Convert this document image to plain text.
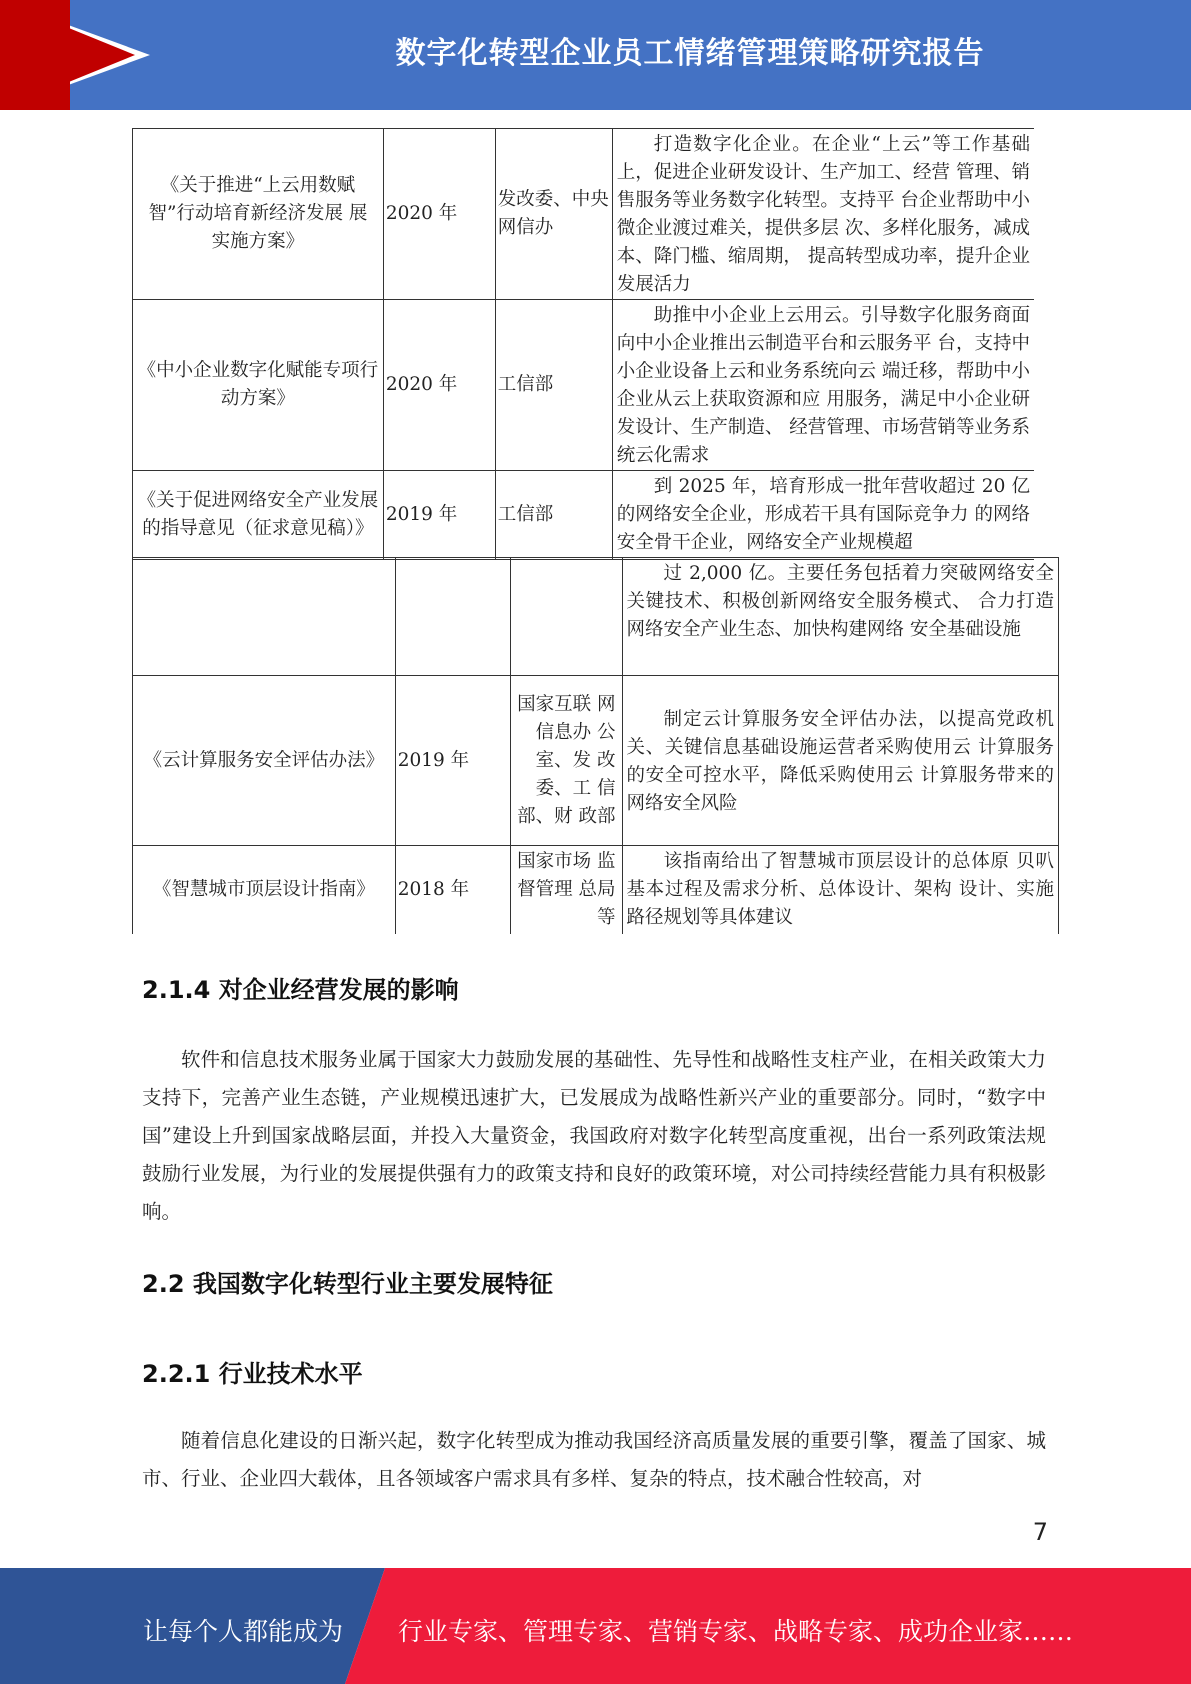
数字化转型企业员工情绪管理策略研究报告
《关于推进“上云用数赋 智”行动培育新经济发展 展 实施方案》	2020 年	发改委、中央网信办	打造数字化企业。在企业“上云”等工作基础上，促进企业研发设计、生产加工、经营 管理、销售服务等业务数字化转型。支持平 台企业帮助中小微企业渡过难关，提供多层 次、多样化服务，减成本、降门槛、缩周期， 提高转型成功率，提升企业发展活力
《中小企业数字化赋能专项行动方案》	2020 年	工信部	助推中小企业上云用云。引导数字化服务商面向中小企业推出云制造平台和云服务平 台，支持中小企业设备上云和业务系统向云 端迁移，帮助中小企业从云上获取资源和应 用服务，满足中小企业研发设计、生产制造、 经营管理、市场营销等业务系统云化需求
《关于促进网络安全产业发展的指导意见（征求意见稿）》	2019 年	工信部	到 2025 年，培育形成一批年营收超过 20 亿的网络安全企业，形成若干具有国际竞争力 的网络安全骨干企业，网络安全产业规模超
			过 2,000 亿。主要任务包括着力突破网络安全关键技术、积极创新网络安全服务模式、 合力打造网络安全产业生态、加快构建网络 安全基础设施
《云计算服务安全评估办法》	2019 年	国家互联 网信息办 公室、发 改委、工 信部、财 政部	制定云计算服务安全评估办法，以提高党政机关、关键信息基础设施运营者采购使用云 计算服务的安全可控水平，降低采购使用云 计算服务带来的网络安全风险
《智慧城市顶层设计指南》	2018 年	国家市场 监督管理 总局等	该指南给出了智慧城市顶层设计的总体原 贝叭基本过程及需求分析、总体设计、架构 设计、实施路径规划等具体建议
2.1.4 对企业经营发展的影响
软件和信息技术服务业属于国家大力鼓励发展的基础性、先导性和战略性支柱产业，在相关政策大力支持下，完善产业生态链，产业规模迅速扩大，已发展成为战略性新兴产业的重要部分。同时，“数字中国”建设上升到国家战略层面，并投入大量资金，我国政府对数字化转型高度重视，出台一系列政策法规鼓励行业发展，为行业的发展提供强有力的政策支持和良好的政策环境，对公司持续经营能力具有积极影响。
2.2 我国数字化转型行业主要发展特征
2.2.1 行业技术水平
随着信息化建设的日渐兴起，数字化转型成为推动我国经济高质量发展的重要引擎，覆盖了国家、城市、行业、企业四大载体，且各领域客户需求具有多样、复杂的特点，技术融合性较高，对
7
让每个人都能成为 行业专家、管理专家、营销专家、战略专家、成功企业家……
